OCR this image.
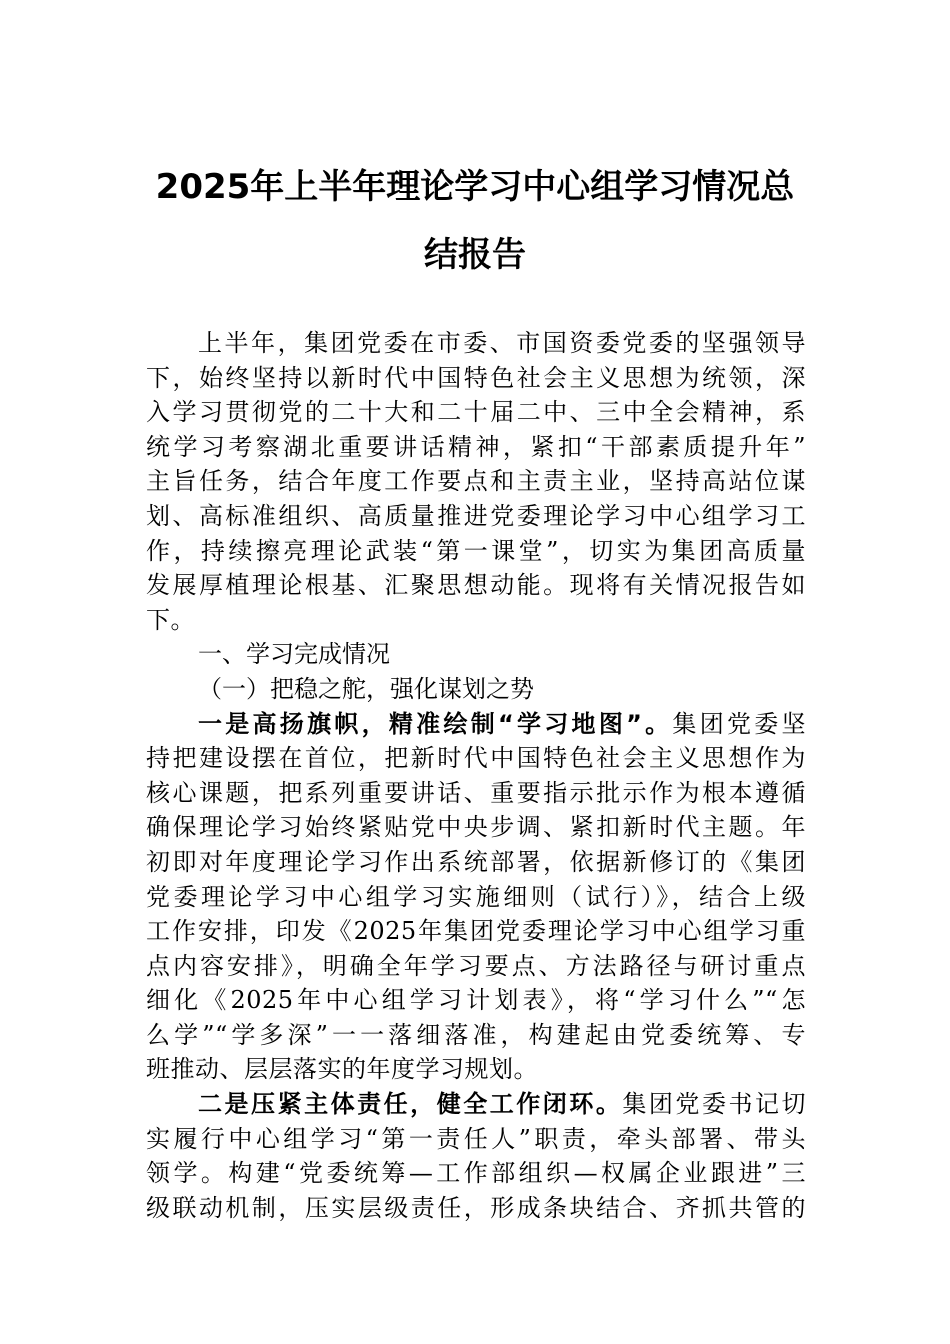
2025年上半年理论学习中心组学习情况总
结报告
上半年，集团党委在市委、市国资委党委的坚强领导
下，始终坚持以新时代中国特色社会主义思想为统领，深
入学习贯彻党的二十大和二十届二中、三中全会精神，系
统学习考察湖北重要讲话精神，紧扣“干部素质提升年”
主旨任务，结合年度工作要点和主责主业，坚持高站位谋
划、高标准组织、高质量推进党委理论学习中心组学习工
作，持续擦亮理论武装“第一课堂”，切实为集团高质量
发展厚植理论根基、汇聚思想动能。现将有关情况报告如
下。
一、学习完成情况
（一）把稳之舵，强化谋划之势
一是高扬旗帜，精准绘制“学习地图”。集团党委坚
持把建设摆在首位，把新时代中国特色社会主义思想作为
核心课题，把系列重要讲话、重要指示批示作为根本遵循
确保理论学习始终紧贴党中央步调、紧扣新时代主题。年
初即对年度理论学习作出系统部署，依据新修订的《集团
党委理论学习中心组学习实施细则（试行）》，结合上级
工作安排，印发《2025年集团党委理论学习中心组学习重
点内容安排》，明确全年学习要点、方法路径与研讨重点
细化《2025年中心组学习计划表》，将“学习什么”“怎
么学”“学多深”一一落细落准，构建起由党委统筹、专
班推动、层层落实的年度学习规划。
二是压紧主体责任，健全工作闭环。集团党委书记切
实履行中心组学习“第一责任人”职责，牵头部署、带头
领学。构建“党委统筹—工作部组织—权属企业跟进”三
级联动机制，压实层级责任，形成条块结合、齐抓共管的
